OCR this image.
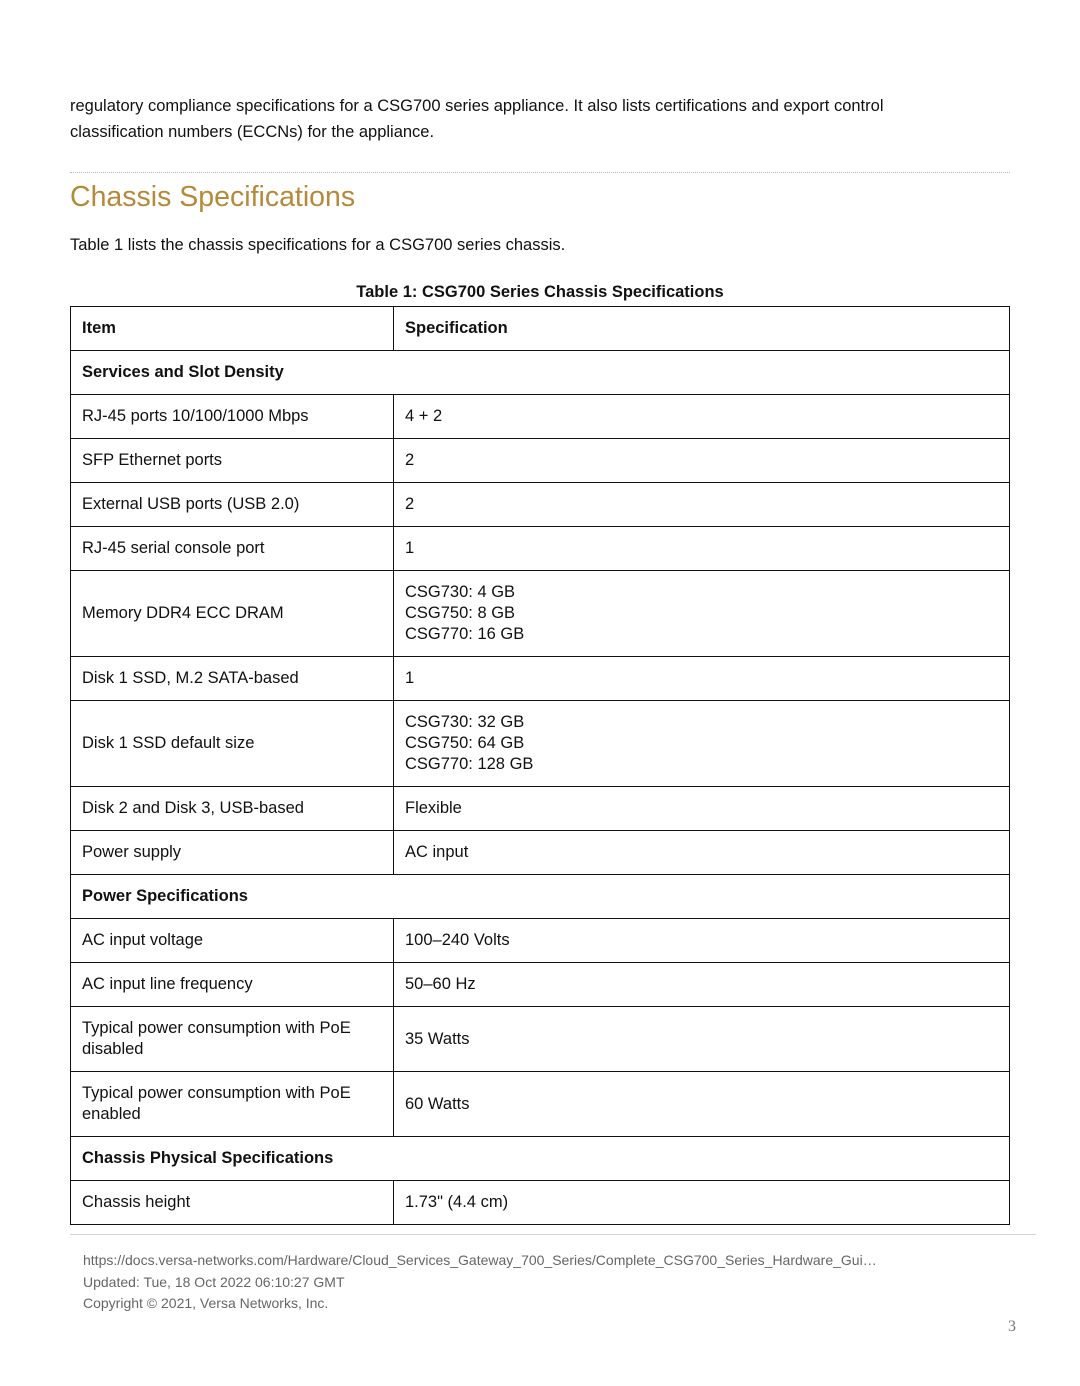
regulatory compliance specifications for a CSG700 series appliance. It also lists certifications and export control
classification numbers (ECCNs) for the appliance.

Chassis Specifications

Table 1 lists the chassis specifications for a CSG700 series chassis.

Table 1: CSG700 Series Chassis Specifications

Item	Specification
Services and Slot Density	
RJ-45 ports 10/100/1000 Mbps	4 + 2
SFP Ethernet ports	2
External USB ports (USB 2.0)	2
RJ-45 serial console port	1
Memory DDR4 ECC DRAM	CSG730: 4 GB
CSG750: 8 GB
CSG770: 16 GB

Disk 1 SSD, M.2 SATA-based	1
Disk 1 SSD default size	CSG730: 32 GB
CSG750: 64 GB
CSG770: 128 GB

Disk 2 and Disk 3, USB-based	Flexible
Power supply	AC input
Power Specifications	
AC input voltage	100–240 Volts
AC input line frequency	50–60 Hz
Typical power consumption with PoE disabled	35 Watts
Typical power consumption with PoE enabled	60 Watts
Chassis Physical Specifications	
Chassis height	1.73" (4.4 cm)
https://docs.versa-networks.com/Hardware/Cloud_Services_Gateway_700_Series/Complete_CSG700_Series_Hardware_Gui…
Updated: Tue, 18 Oct 2022 06:10:27 GMT
Copyright © 2021, Versa Networks, Inc.
3
